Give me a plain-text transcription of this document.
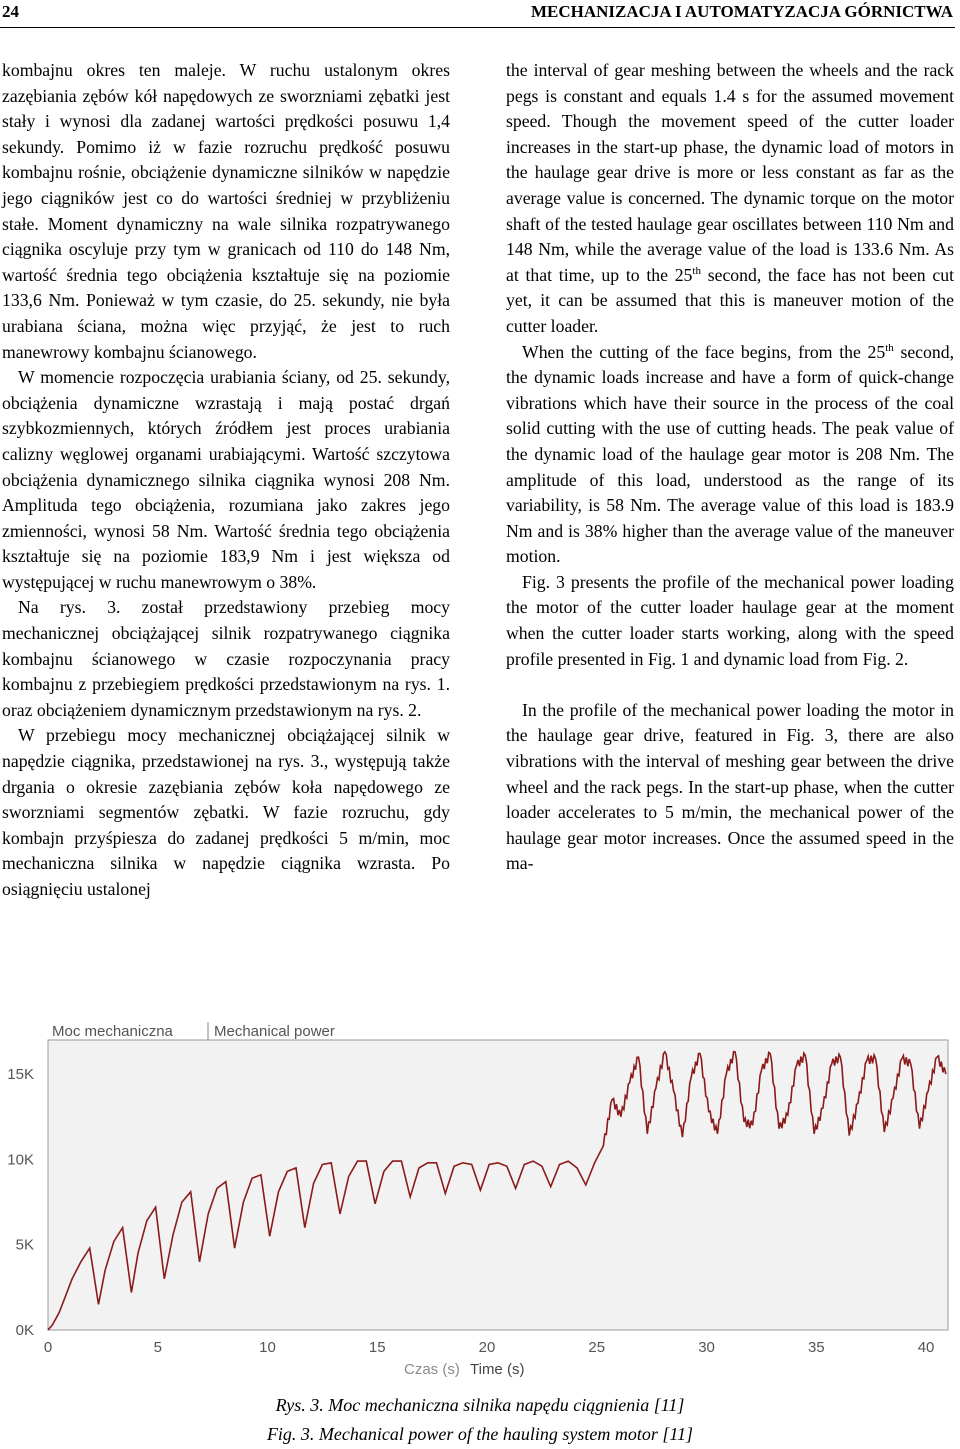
24	MECHANIZACJA I AUTOMATYZACJA GÓRNICTWA

kombajnu okres ten maleje. W ruchu ustalonym okres zazębiania zębów kół napędowych ze sworzniami zębatki jest stały i wynosi dla zadanej wartości prędkości posuwu 1,4 sekundy. Pomimo iż w fazie rozruchu prędkość posuwu kombajnu rośnie, obciążenie dynamiczne silników w napędzie jego ciągników jest co do wartości średniej w przybliżeniu stałe. Moment dynamiczny na wale silnika rozpatrywanego ciągnika oscyluje przy tym w granicach od 110 do 148 Nm, wartość średnia tego obciążenia kształtuje się na poziomie 133,6 Nm. Ponieważ w tym czasie, do 25. sekundy, nie była urabiana ściana, można więc przyjąć, że jest to ruch manewrowy kombajnu ścianowego.

W momencie rozpoczęcia urabiania ściany, od 25. sekundy, obciążenia dynamiczne wzrastają i mają postać drgań szybkozmiennych, których źródłem jest proces urabiania calizny węglowej organami urabiającymi. Wartość szczytowa obciążenia dynamicznego silnika ciągnika wynosi 208 Nm. Amplituda tego obciążenia, rozumiana jako zakres jego zmienności, wynosi 58 Nm. Wartość średnia tego obciążenia kształtuje się na poziomie 183,9 Nm i jest większa od występującej w ruchu manewrowym o 38%.

Na rys. 3. został przedstawiony przebieg mocy mechanicznej obciążającej silnik rozpatrywanego ciągnika kombajnu ścianowego w czasie rozpoczynania pracy kombajnu z przebiegiem prędkości przedstawionym na rys. 1. oraz obciążeniem dynamicznym przedstawionym na rys. 2.

W przebiegu mocy mechanicznej obciążającej silnik w napędzie ciągnika, przedstawionej na rys. 3., występują także drgania o okresie zazębiania zębów koła napędowego ze sworzniami segmentów zębatki. W fazie rozruchu, gdy kombajn przyśpiesza do zadanej prędkości 5 m/min, moc mechaniczna silnika w napędzie ciągnika wzrasta. Po osiągnięciu ustalonej

the interval of gear meshing between the wheels and the rack pegs is constant and equals 1.4 s for the assumed movement speed. Though the movement speed of the cutter loader increases in the start-up phase, the dynamic load of motors in the haulage gear drive is more or less constant as far as the average value is concerned. The dynamic torque on the motor shaft of the tested haulage gear oscillates between 110 Nm and 148 Nm, while the average value of the load is 133.6 Nm. As at that time, up to the 25th second, the face has not been cut yet, it can be assumed that this is maneuver motion of the cutter loader.

When the cutting of the face begins, from the 25th second, the dynamic loads increase and have a form of quick-change vibrations which have their source in the process of the coal solid cutting with the use of cutting heads. The peak value of the dynamic load of the haulage gear motor is 208 Nm. The amplitude of this load, understood as the range of its variability, is 58 Nm. The average value of this load is 183.9 Nm and is 38% higher than the average value of the maneuver motion.

Fig. 3 presents the profile of the mechanical power loading the motor of the cutter loader haulage gear at the moment when the cutter loader starts working, along with the speed profile presented in Fig. 1 and dynamic load from Fig. 2.

In the profile of the mechanical power loading the motor in the haulage gear drive, featured in Fig. 3, there are also vibrations with the interval of meshing gear between the drive wheel and the rack pegs. In the start-up phase, when the cutter loader accelerates to 5 m/min, the mechanical power of the haulage gear motor increases. Once the assumed speed in the ma-

Moc mechaniczna	Mechanical power
0K
5K
10K
15K
0	5	10	15	20	25	30	35	40
Czas (s) Time (s)
Rys. 3. Moc mechaniczna silnika napędu ciągnienia [11]
Fig. 3. Mechanical power of the hauling system motor [11]
